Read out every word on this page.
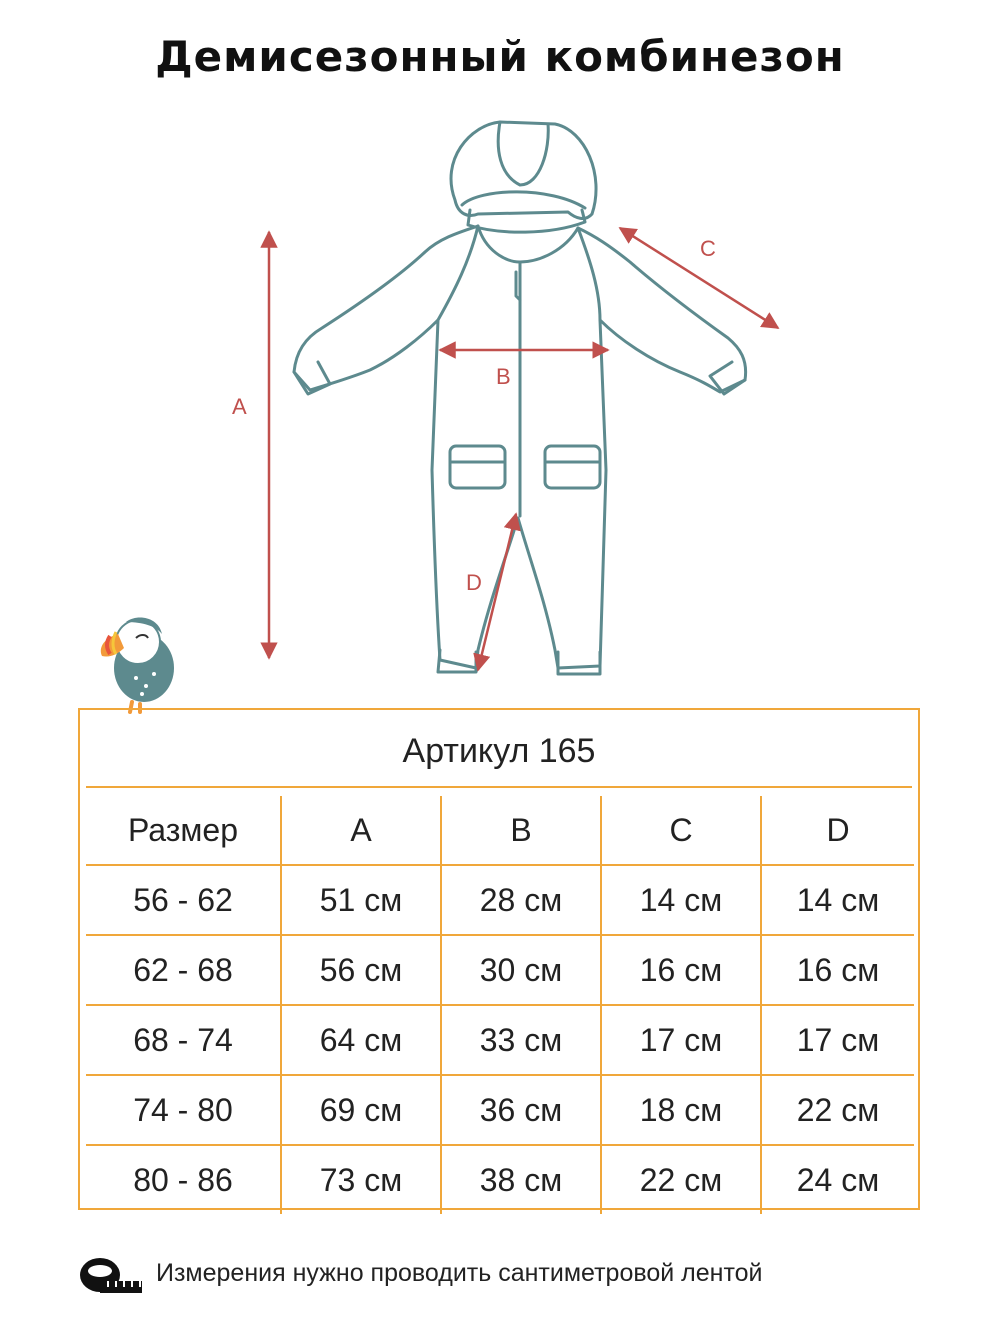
Демисезонный комбинезон
A
B
C
D
Артикул 165
Размер	A	B	C	D
56 - 62	51 см	28 см	14 см	14 см
62 - 68	56 см	30 см	16 см	16 см
68 - 74	64 см	33 см	17 см	17 см
74 - 80	69 см	36 см	18 см	22 см
80 - 86	73 см	38 см	22 см	24 см
Измерения нужно проводить сантиметровой лентой
